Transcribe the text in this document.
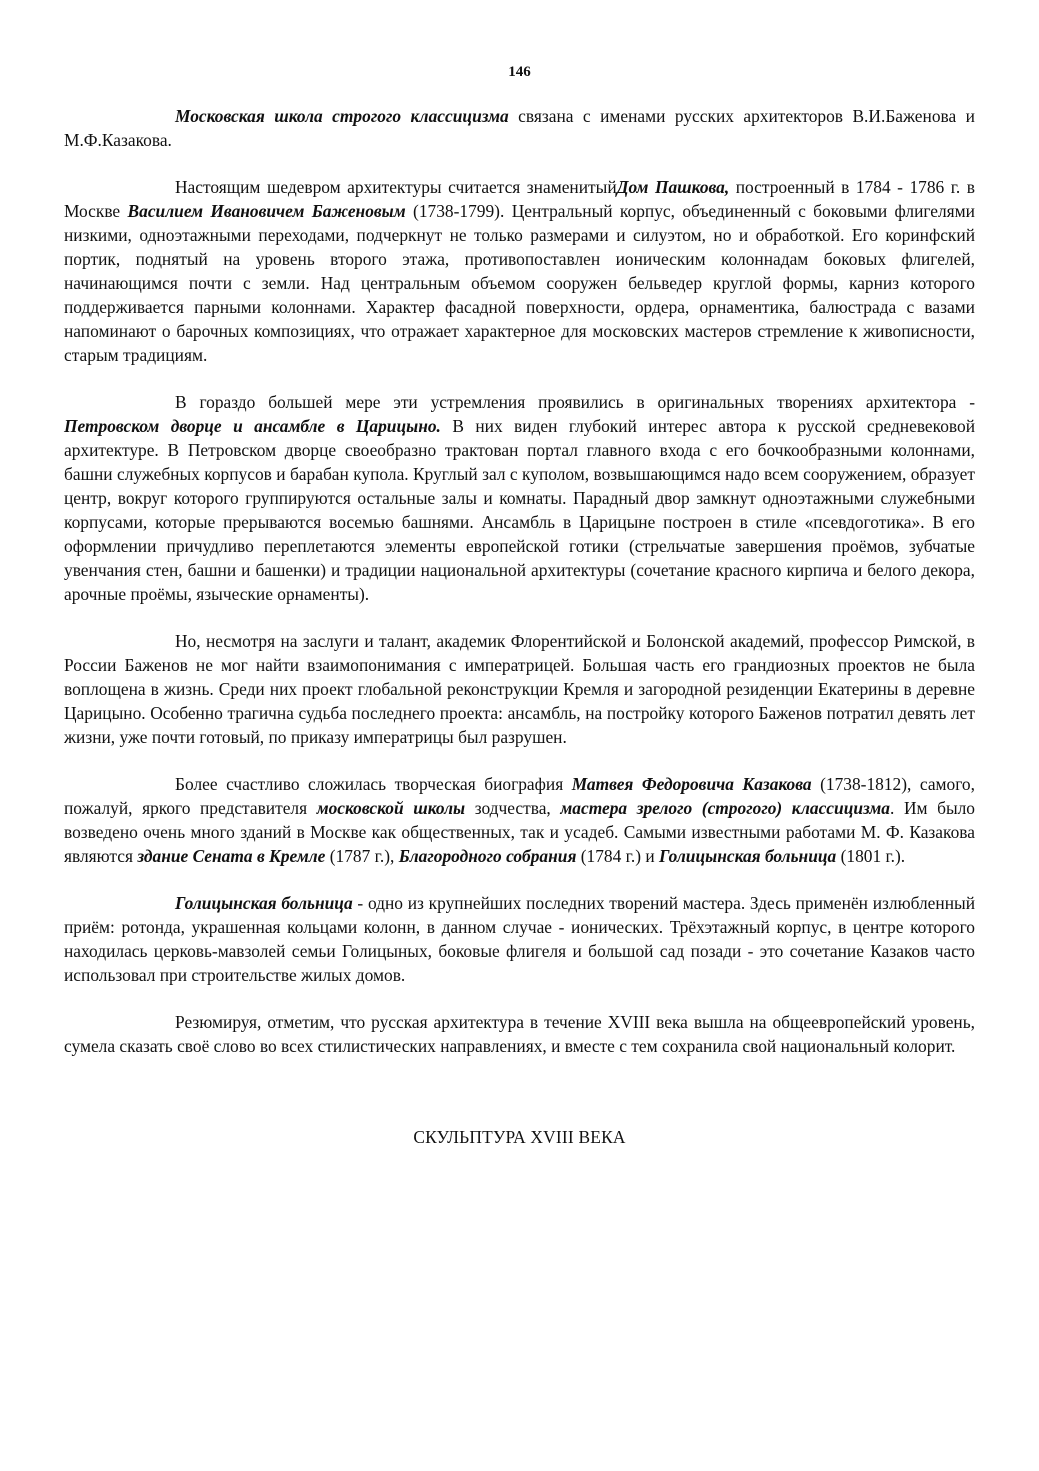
146

Московская школа строгого классицизма связана с именами русских архитекторов В.И.Баженова и М.Ф.Казакова.

Настоящим шедевром архитектуры считается знаменитыйДом Пашкова, построенный в 1784 - 1786 г. в Москве Василием Ивановичем Баженовым (1738-1799). Центральный корпус, объединенный с боковыми флигелями низкими, одноэтажными переходами, подчеркнут не только размерами и силуэтом, но и обработкой. Его коринфский портик, поднятый на уровень второго этажа, противопоставлен ионическим колоннадам боковых флигелей, начинающимся почти с земли. Над центральным объемом сооружен бельведер круглой формы, карниз которого поддерживается парными колоннами. Характер фасадной поверхности, ордера, орнаментика, балюстрада с вазами напоминают о барочных композициях, что отражает характерное для московских мастеров стремление к живописности, старым традициям.

В гораздо большей мере эти устремления проявились в оригинальных творениях архитектора - Петровском дворце и ансамбле в Царицыно. В них виден глубокий интерес автора к русской средневековой архитектуре. В Петровском дворце своеобразно трактован портал главного входа с его бочкообразными колоннами, башни служебных корпусов и барабан купола. Круглый зал с куполом, возвышающимся надо всем сооружением, образует центр, вокруг которого группируются остальные залы и комнаты. Парадный двор замкнут одноэтажными служебными корпусами, которые прерываются восемью башнями. Ансамбль в Царицыне построен в стиле «псевдоготика». В его оформлении причудливо переплетаются элементы европейской готики (стрельчатые завершения проёмов, зубчатые увенчания стен, башни и башенки) и традиции национальной архитектуры (сочетание красного кирпича и белого декора, арочные проёмы, языческие орнаменты).

Но, несмотря на заслуги и талант, академик Флорентийской и Болонской академий, профессор Римской, в России Баженов не мог найти взаимопонимания с императрицей. Большая часть его грандиозных проектов не была воплощена в жизнь. Среди них проект глобальной реконструкции Кремля и загородной резиденции Екатерины в деревне Царицыно. Особенно трагична судьба последнего проекта: ансамбль, на постройку которого Баженов потратил девять лет жизни, уже почти готовый, по приказу императрицы был разрушен.

Более счастливо сложилась творческая биография Матвея Федоровича Казакова (1738-1812), самого, пожалуй, яркого представителя московской школы зодчества, мастера зрелого (строгого) классицизма. Им было возведено очень много зданий в Москве как общественных, так и усадеб. Самыми известными работами М. Ф. Казакова являются здание Сената в Кремле (1787 г.), Благородного собрания (1784 г.) и Голицынская больница (1801 г.).

Голицынская больница - одно из крупнейших последних творений мастера. Здесь применён излюбленный приём: ротонда, украшенная кольцами колонн, в данном случае - ионических. Трёхэтажный корпус, в центре которого находилась церковь-мавзолей семьи Голицыных, боковые флигеля и большой сад позади - это сочетание Казаков часто использовал при строительстве жилых домов.

Резюмируя, отметим, что русская архитектура в течение XVIII века вышла на общеевропейский уровень, сумела сказать своё слово во всех стилистических направлениях, и вместе с тем сохранила свой национальный колорит.

СКУЛЬПТУРА XVIII ВЕКА
